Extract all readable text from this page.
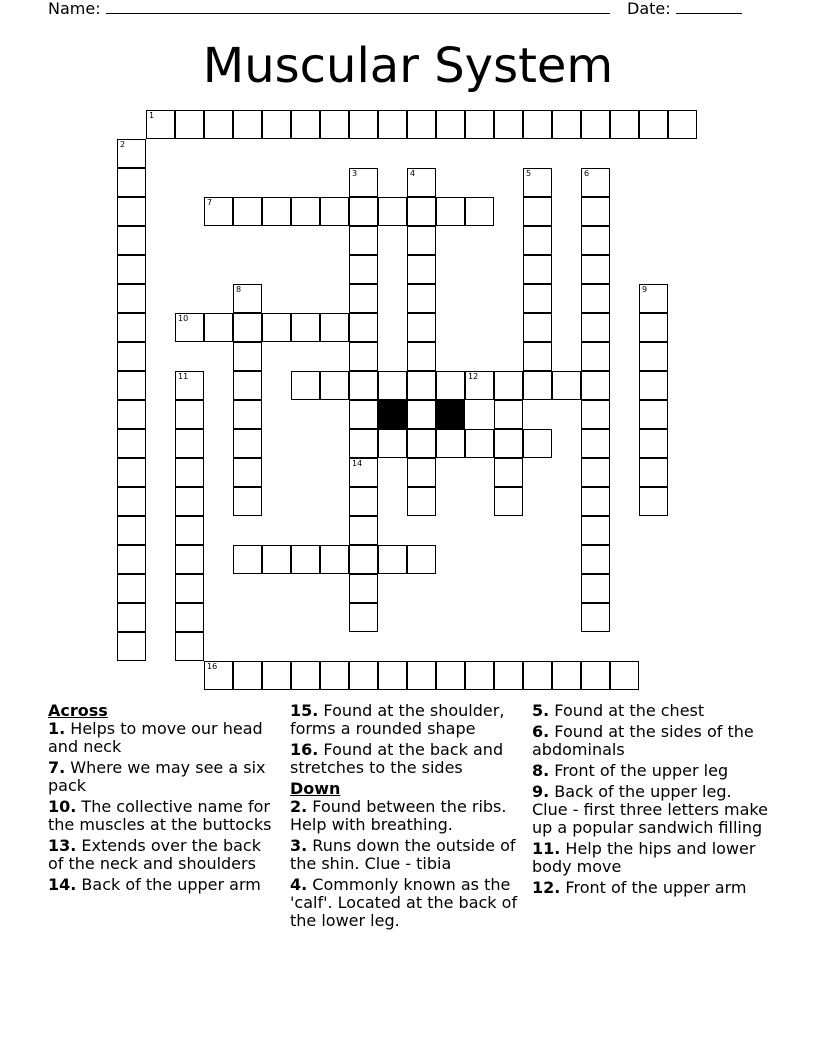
Name:	Date:
Muscular System
1
2
3
14
4	5	6
7
8	9
10
11	12
16
Across
1. Helps to move our head and neck
7. Where we may see a six pack
10. The collective name for the muscles at the buttocks
13. Extends over the back of the neck and shoulders
14. Back of the upper arm
15. Found at the shoulder, forms a rounded shape
16. Found at the back and stretches to the sides
Down
2. Found between the ribs. Help with breathing.
3. Runs down the outside of the shin. Clue - tibia
4. Commonly known as the 'calf'. Located at the back of the lower leg.
5. Found at the chest
6. Found at the sides of the abdominals
8. Front of the upper leg
9. Back of the upper leg. Clue - first three letters make up a popular sandwich filling
11. Help the hips and lower body move
12. Front of the upper arm
